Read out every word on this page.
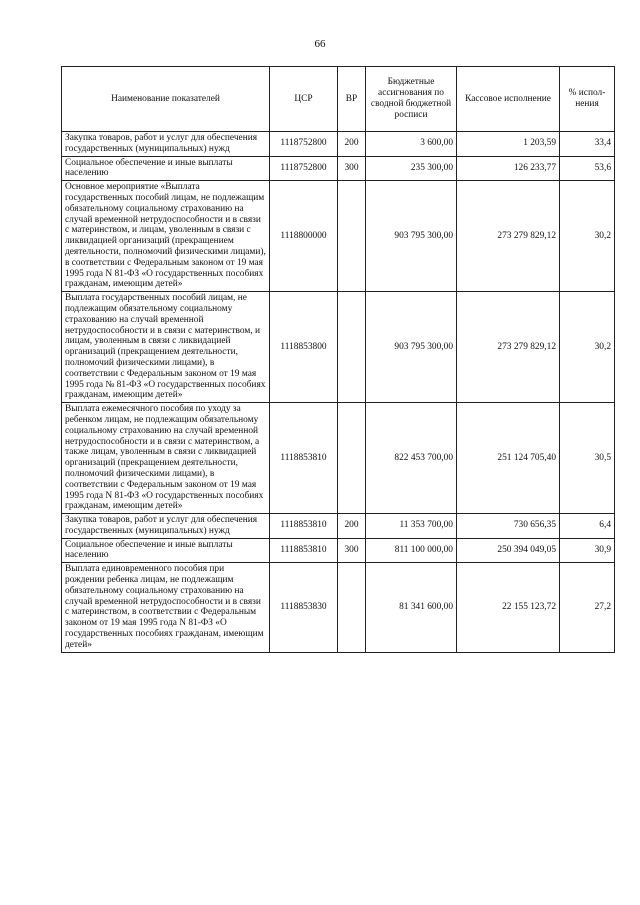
66
Наименование показателей	ЦСР	ВР	Бюджетные ассигнования по сводной бюджетной росписи	Кассовое исполнение	% испол-нения
Закупка товаров, работ и услуг для обеспечения государственных (муниципальных) нужд	1118752800	200	3 600,00	1 203,59	33,4
Социальное обеспечение и иные выплаты населению	1118752800	300	235 300,00	126 233,77	53,6
Основное мероприятие «Выплата государственных пособий лицам, не подлежащим обязательному социальному страхованию на случай временной нетрудоспособности и в связи с материнством, и лицам, уволенным в связи с ликвидацией организаций (прекращением деятельности, полномочий физическими лицами), в соответствии с Федеральным законом от 19 мая 1995 года N 81-ФЗ «О государственных пособиях гражданам, имеющим детей»	1118800000		903 795 300,00	273 279 829,12	30,2
Выплата государственных пособий лицам, не подлежащим обязательному социальному страхованию на случай временной нетрудоспособности и в связи с материнством, и лицам, уволенным в связи с ликвидацией организаций (прекращением деятельности, полномочий физическими лицами), в соответствии с Федеральным законом от 19 мая 1995 года № 81-ФЗ «О государственных пособиях гражданам, имеющим детей»	1118853800		903 795 300,00	273 279 829,12	30,2
Выплата ежемесячного пособия по уходу за ребенком лицам, не подлежащим обязательному социальному страхованию на случай временной нетрудоспособности и в связи с материнством, а также лицам, уволенным в связи с ликвидацией организаций (прекращением деятельности, полномочий физическими лицами), в соответствии с Федеральным законом от 19 мая 1995 года N 81-ФЗ «О государственных пособиях гражданам, имеющим детей»	1118853810		822 453 700,00	251 124 705,40	30,5
Закупка товаров, работ и услуг для обеспечения государственных (муниципальных) нужд	1118853810	200	11 353 700,00	730 656,35	6,4
Социальное обеспечение и иные выплаты населению	1118853810	300	811 100 000,00	250 394 049,05	30,9
Выплата единовременного пособия при рождении ребенка лицам, не подлежащим обязательному социальному страхованию на случай временной нетрудоспособности и в связи с материнством, в соответствии с Федеральным законом от 19 мая 1995 года N 81-ФЗ «О государственных пособиях гражданам, имеющим детей»	1118853830		81 341 600,00	22 155 123,72	27,2
